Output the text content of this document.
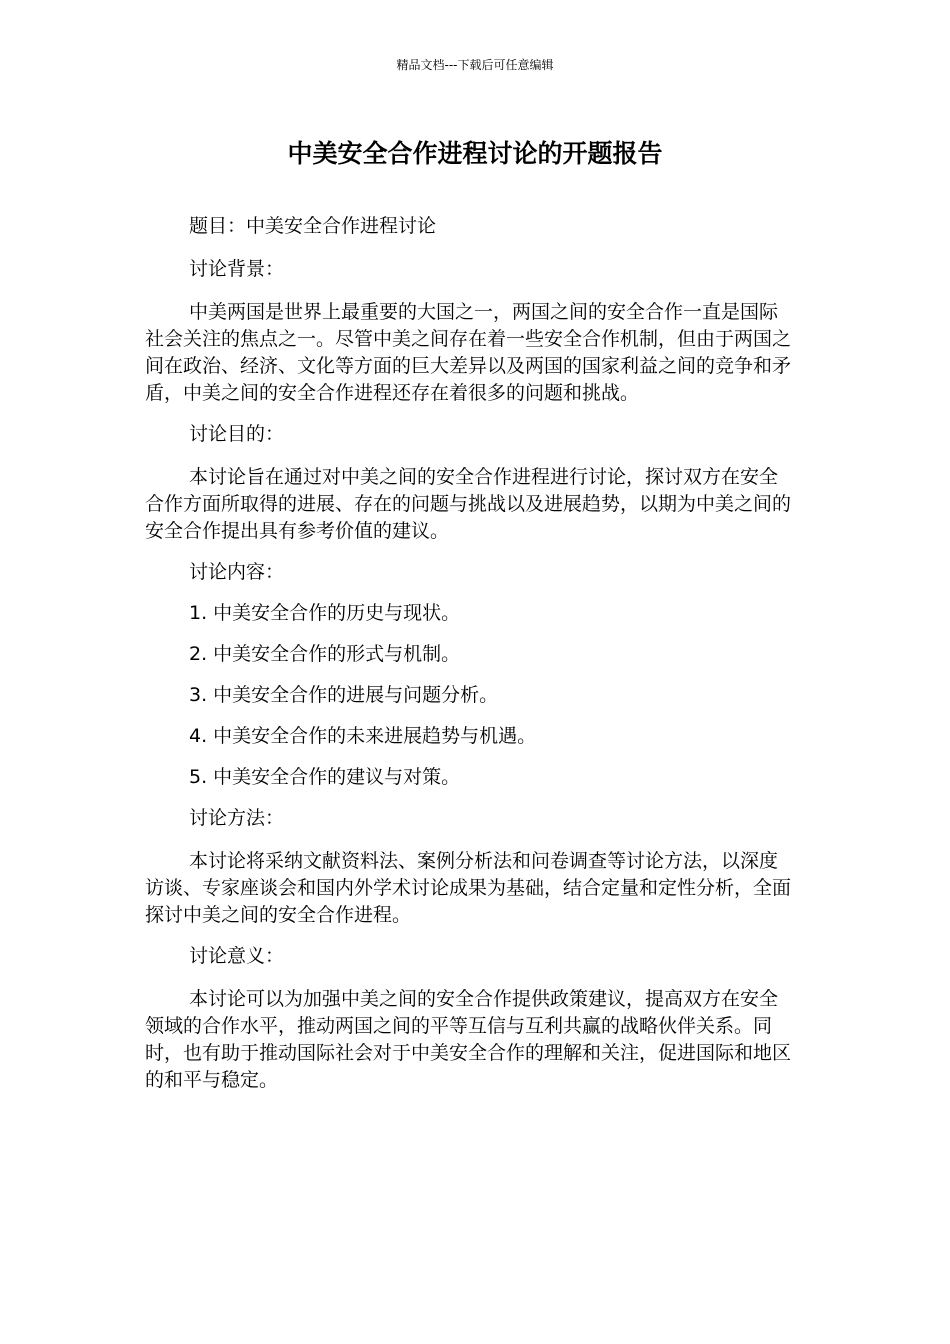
精品文档---下载后可任意编辑
中美安全合作进程讨论的开题报告

题目：中美安全合作进程讨论

讨论背景：

中美两国是世界上最重要的大国之一，两国之间的安全合作一直是国际社会关注的焦点之一。尽管中美之间存在着一些安全合作机制，但由于两国之间在政治、经济、文化等方面的巨大差异以及两国的国家利益之间的竞争和矛盾，中美之间的安全合作进程还存在着很多的问题和挑战。

讨论目的：

本讨论旨在通过对中美之间的安全合作进程进行讨论，探讨双方在安全合作方面所取得的进展、存在的问题与挑战以及进展趋势，以期为中美之间的安全合作提出具有参考价值的建议。

讨论内容：

1. 中美安全合作的历史与现状。

2. 中美安全合作的形式与机制。

3. 中美安全合作的进展与问题分析。

4. 中美安全合作的未来进展趋势与机遇。

5. 中美安全合作的建议与对策。

讨论方法：

本讨论将采纳文献资料法、案例分析法和问卷调查等讨论方法，以深度访谈、专家座谈会和国内外学术讨论成果为基础，结合定量和定性分析，全面探讨中美之间的安全合作进程。

讨论意义：

本讨论可以为加强中美之间的安全合作提供政策建议，提高双方在安全领域的合作水平，推动两国之间的平等互信与互利共赢的战略伙伴关系。同时，也有助于推动国际社会对于中美安全合作的理解和关注，促进国际和地区的和平与稳定。
